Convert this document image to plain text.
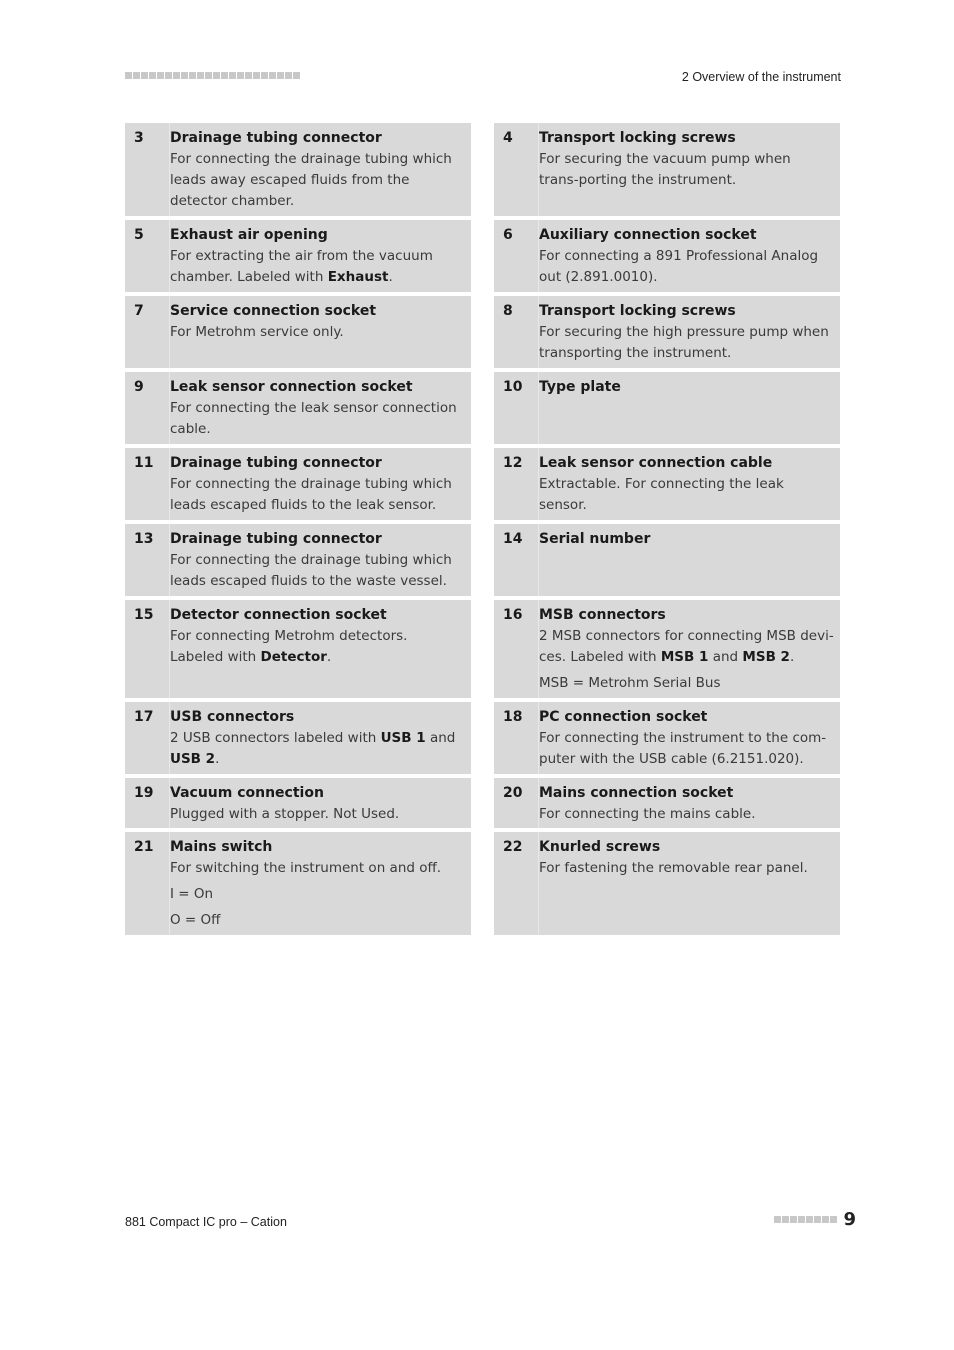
2 Overview of the instrument
3	Drainage tubing connector
For connecting the drainage tubing which leads away escaped fluids from the detector chamber.
4	Transport locking screws
For securing the vacuum pump when trans-porting the instrument.
5	Exhaust air opening
For extracting the air from the vacuum chamber. Labeled with Exhaust.
6	Auxiliary connection socket
For connecting a 891 Professional Analog out (2.891.0010).
7	Service connection socket
For Metrohm service only.
8	Transport locking screws
For securing the high pressure pump when transporting the instrument.
9	Leak sensor connection socket
For connecting the leak sensor connection cable.
10	Type plate
11	Drainage tubing connector
For connecting the drainage tubing which leads escaped fluids to the leak sensor.
12	Leak sensor connection cable
Extractable. For connecting the leak sensor.
13	Drainage tubing connector
For connecting the drainage tubing which leads escaped fluids to the waste vessel.
14	Serial number
15	Detector connection socket
For connecting Metrohm detectors. Labeled with Detector.
16	MSB connectors
2 MSB connectors for connecting MSB devi-ces. Labeled with MSB 1 and MSB 2.
MSB = Metrohm Serial Bus
17	USB connectors
2 USB connectors labeled with USB 1 and USB 2.
18	PC connection socket
For connecting the instrument to the com-puter with the USB cable (6.2151.020).
19	Vacuum connection
Plugged with a stopper. Not Used.
20	Mains connection socket
For connecting the mains cable.
21	Mains switch
For switching the instrument on and off.
I = On
O = Off
22	Knurled screws
For fastening the removable rear panel.
881 Compact IC pro – Cation	9
